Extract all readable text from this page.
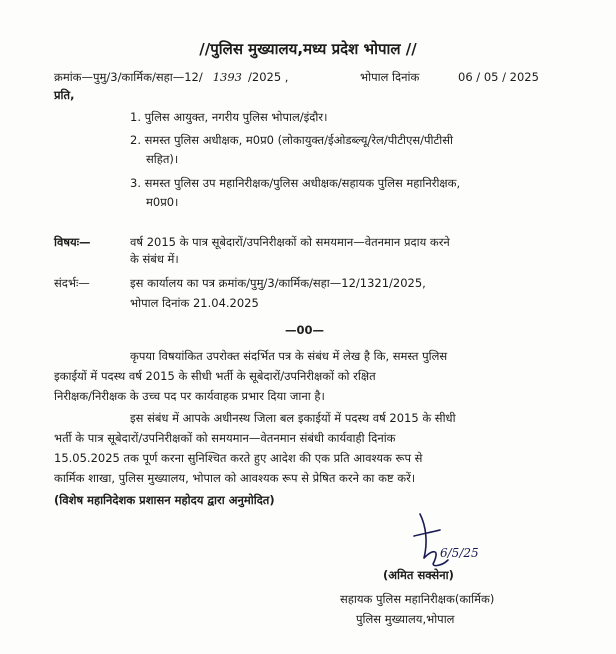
//पुलिस मुख्यालय,मध्य प्रदेश भोपाल //
क्रमांक—पुमु/3/कार्मिक/सहा—12/ 1393 /2025 ,	भोपाल दिनांक	06 / 05 / 2025
प्रति,
1. पुलिस आयुक्त, नगरीय पुलिस भोपाल/इंदौर।
2. समस्त पुलिस अधीक्षक, म0प्र0 (लोकायुक्त/ईओडब्ल्यू/रेल/पीटीएस/पीटीसी
सहित)।
3. समस्त पुलिस उप महानिरीक्षक/पुलिस अधीक्षक/सहायक पुलिस महानिरीक्षक,
म0प्र0।
विषयः—	वर्ष 2015 के पात्र सूबेदारों/उपनिरीक्षकों को समयमान—वेतनमान प्रदाय करने
के संबंध में।
संदर्भः—	इस कार्यालय का पत्र क्रमांक/पुमु/3/कार्मिक/सहा—12/1321/2025,
भोपाल दिनांक 21.04.2025
—00—
कृपया विषयांकित उपरोक्त संदर्भित पत्र के संबंध में लेख है कि, समस्त पुलिस
इकाईयों में पदस्थ वर्ष 2015 के सीधी भर्ती के सूबेदारों/उपनिरीक्षकों को रक्षित
निरीक्षक/निरीक्षक के उच्च पद पर कार्यवाहक प्रभार दिया जाना है।
इस संबंध में आपके अधीनस्थ जिला बल इकाईयों में पदस्थ वर्ष 2015 के सीधी
भर्ती के पात्र सूबेदारों/उपनिरीक्षकों को समयमान—वेतनमान संबंधी कार्यवाही दिनांक
15.05.2025 तक पूर्ण करना सुनिश्चित करते हुए आदेश की एक प्रति आवश्यक रूप से
कार्मिक शाखा, पुलिस मुख्यालय, भोपाल को आवश्यक रूप से प्रेषित करने का कष्ट करें।
(विशेष महानिदेशक प्रशासन महोदय द्वारा अनुमोदित)
6/5/25
(अमित सक्सेना)
सहायक पुलिस महानिरीक्षक(कार्मिक)
पुलिस मुख्यालय,भोपाल
